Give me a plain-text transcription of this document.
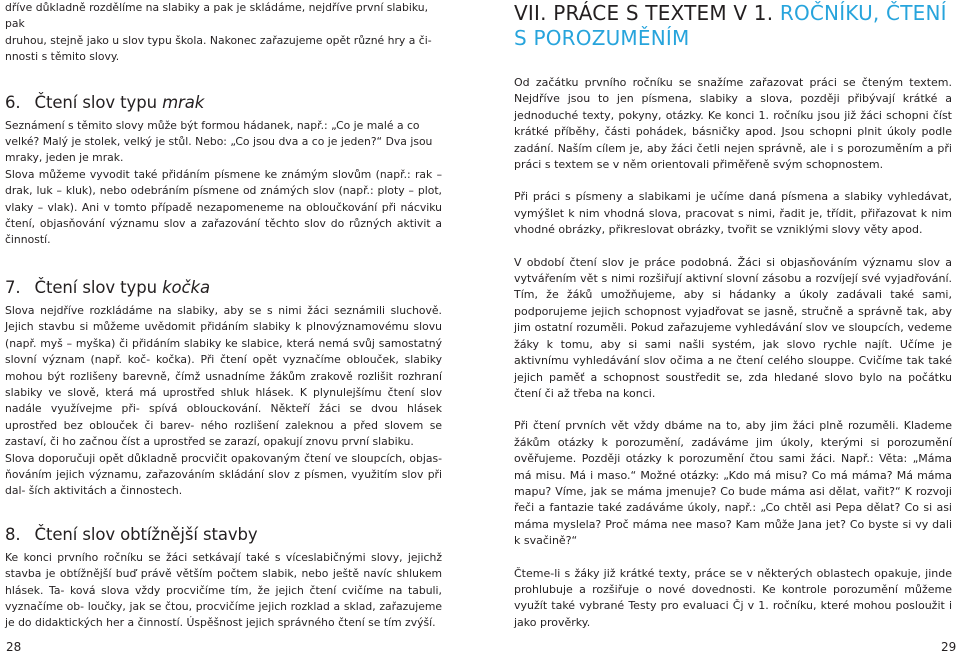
dříve důkladně rozdělíme na slabiky a pak je skládáme, nejdříve první slabiku, pak

druhou, stejně jako u slov typu škola. Nakonec zařazujeme opět různé hry a či-

nnosti s těmito slovy.

6. Čtení slov typu mrak

Seznámení s těmito slovy může být formou hádanek, např.: „Co je malé a co velké? Malý je stolek, velký je stůl. Nebo: „Co jsou dva a co je jeden?“ Dva jsou mraky, jeden je mrak.

Slova můžeme vyvodit také přidáním písmene ke známým slovům (např.: rak – drak, luk – kluk), nebo odebráním písmene od známých slov (např.: ploty – plot, vlaky – vlak). Ani v tomto případě nezapomeneme na obloučkování při nácviku čtení, objasňování významu slov a zařazování těchto slov do různých aktivit a činností.

7. Čtení slov typu kočka

Slova nejdříve rozkládáme na slabiky, aby se s nimi žáci seznámili sluchově. Jejich stavbu si můžeme uvědomit přidáním slabiky k plnovýznamovému slovu (např. myš – myška) či přidáním slabiky ke slabice, která nemá svůj samostatný slovní význam (např. koč- kočka). Při čtení opět vyznačíme oblouček, slabiky mohou být rozlišeny barevně, čímž usnadníme žákům zrakově rozlišit rozhraní slabiky ve slově, která má uprostřed shluk hlásek. K plynulejšímu čtení slov nadále využívejme při- spívá oblouckování. Někteří žáci se dvou hlásek uprostřed bez oblouček či barev- ného rozlišení zaleknou a před slovem se zastaví, či ho začnou číst a uprostřed se zarazí, opakují znovu první slabiku.

Slova doporučuji opět důkladně procvičit opakovaným čtení ve sloupcích, objas- ňováním jejich významu, zařazováním skládání slov z písmen, využitím slov při dal- ších aktivitách a činnostech.

8. Čtení slov obtížnější stavby

Ke konci prvního ročníku se žáci setkávají také s víceslabičnými slovy, jejichž stavba je obtížnější buď právě větším počtem slabik, nebo ještě navíc shlukem hlásek. Ta- ková slova vždy procvičíme tím, že jejich čtení cvičíme na tabuli, vyznačíme ob- loučky, jak se čtou, procvičíme jejich rozklad a sklad, zařazujeme je do didaktických her a činností. Úspěšnost jejich správného čtení se tím zvýší.

VII. PRÁCE S TEXTEM V 1. ROČNÍKU, ČTENÍ
S POROZUMĚNÍM

Od začátku prvního ročníku se snažíme zařazovat práci se čteným textem. Nejdříve jsou to jen písmena, slabiky a slova, později přibývají krátké a jednoduché texty, pokyny, otázky. Ke konci 1. ročníku jsou již žáci schopni číst krátké příběhy, části pohádek, básničky apod. Jsou schopni plnit úkoly podle zadání. Naším cílem je, aby žáci četli nejen správně, ale i s porozuměním a při práci s textem se v něm orientovali přiměřeně svým schopnostem.

Při práci s písmeny a slabikami je učíme daná písmena a slabiky vyhledávat, vymýšlet k nim vhodná slova, pracovat s nimi, řadit je, třídit, přiřazovat k nim vhodné obrázky, přikreslovat obrázky, tvořit se vzniklými slovy věty apod.

V období čtení slov je práce podobná. Žáci si objasňováním významu slov a vytvářením vět s nimi rozšiřují aktivní slovní zásobu a rozvíjejí své vyjadřování. Tím, že žáků umožňujeme, aby si hádanky a úkoly zadávali také sami, podporujeme jejich schopnost vyjadřovat se jasně, stručně a správně tak, aby jim ostatní rozuměli. Pokud zařazujeme vyhledávání slov ve sloupcích, vedeme žáky k tomu, aby si sami našli systém, jak slovo rychle najít. Učíme je aktivnímu vyhledávání slov očima a ne čtení celého slouppe. Cvičíme tak také jejich paměť a schopnost soustředit se, zda hledané slovo bylo na počátku čtení či až třeba na konci.

Při čtení prvních vět vždy dbáme na to, aby jim žáci plně rozuměli. Klademe žákům otázky k porozumění, zadáváme jim úkoly, kterými si porozumění ověřujeme. Později otázky k porozumění čtou sami žáci. Např.: Věta: „Máma má misu. Má i maso.“ Možné otázky: „Kdo má misu? Co má máma? Má máma mapu? Víme, jak se máma jmenuje? Co bude máma asi dělat, vařit?“ K rozvoji řeči a fantazie také zadáváme úkoly, např.: „Co chtěl asi Pepa dělat? Co si asi máma myslela? Proč máma nee maso? Kam může Jana jet? Co byste si vy dali k svačině?“

Čteme-li s žáky již krátké texty, práce se v některých oblastech opakuje, jinde prohlubuje a rozšiřuje o nové dovednosti. Ke kontrole porozumění můžeme využít také vybrané Testy pro evaluaci Čj v 1. ročníku, které mohou posloužit i jako prověrky.

28	29
